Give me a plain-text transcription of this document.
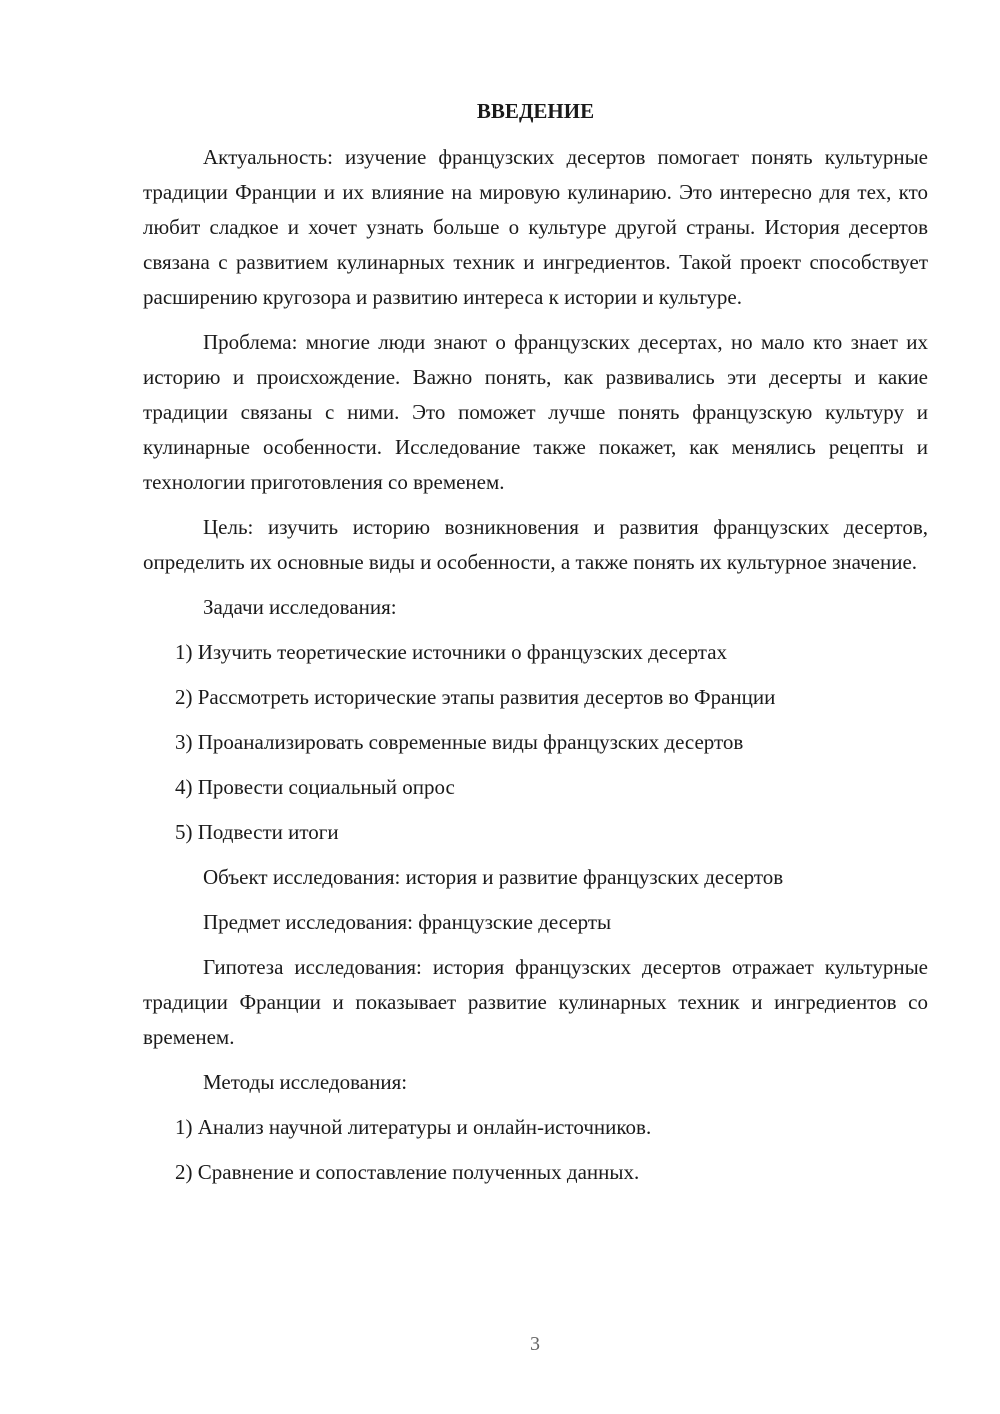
ВВЕДЕНИЕ

Актуальность: изучение французских десертов помогает понять культурные традиции Франции и их влияние на мировую кулинарию. Это интересно для тех, кто любит сладкое и хочет узнать больше о культуре другой страны. История десертов связана с развитием кулинарных техник и ингредиентов. Такой проект способствует расширению кругозора и развитию интереса к истории и культуре.

Проблема: многие люди знают о французских десертах, но мало кто знает их историю и происхождение. Важно понять, как развивались эти десерты и какие традиции связаны с ними. Это поможет лучше понять французскую культуру и кулинарные особенности. Исследование также покажет, как менялись рецепты и технологии приготовления со временем.

Цель: изучить историю возникновения и развития французских десертов, определить их основные виды и особенности, а также понять их культурное значение.

Задачи исследования:
1) Изучить теоретические источники о французских десертах
2) Рассмотреть исторические этапы развития десертов во Франции
3) Проанализировать современные виды французских десертов
4) Провести социальный опрос
5) Подвести итоги
Объект исследования: история и развитие французских десертов
Предмет исследования: французские десерты

Гипотеза исследования: история французских десертов отражает культурные традиции Франции и показывает развитие кулинарных техник и ингредиентов со временем.

Методы исследования:
1) Анализ научной литературы и онлайн-источников.
2) Сравнение и сопоставление полученных данных.
3
